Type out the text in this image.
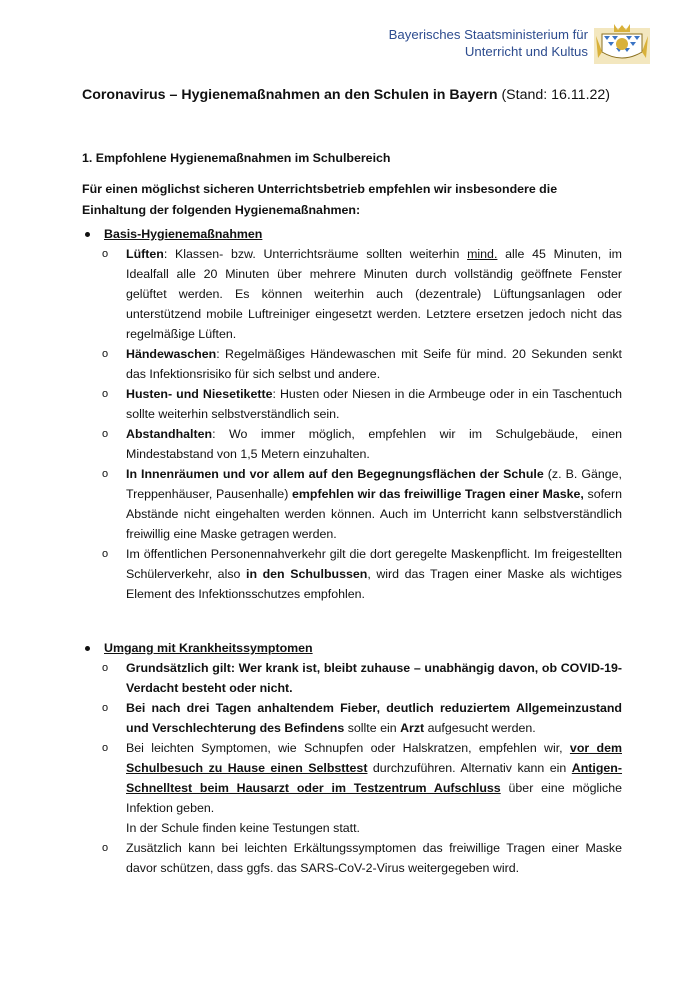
Bayerisches Staatsministerium für
Unterricht und Kultus
Coronavirus – Hygienemaßnahmen an den Schulen in Bayern (Stand: 16.11.22)
1. Empfohlene Hygienemaßnahmen im Schulbereich
Für einen möglichst sicheren Unterrichtsbetrieb empfehlen wir insbesondere die Einhaltung der folgenden Hygienemaßnahmen:
Basis-Hygienemaßnahmen
o Lüften: Klassen- bzw. Unterrichtsräume sollten weiterhin mind. alle 45 Minuten, im Idealfall alle 20 Minuten über mehrere Minuten durch vollständig geöffnete Fenster gelüftet werden. Es können weiterhin auch (dezentrale) Lüftungsanlagen oder unterstützend mobile Luftreiniger eingesetzt werden. Letztere ersetzen jedoch nicht das regelmäßige Lüften.
o Händewaschen: Regelmäßiges Händewaschen mit Seife für mind. 20 Sekunden senkt das Infektionsrisiko für sich selbst und andere.
o Husten- und Niesetikette: Husten oder Niesen in die Armbeuge oder in ein Taschentuch sollte weiterhin selbstverständlich sein.
o Abstandhalten: Wo immer möglich, empfehlen wir im Schulgebäude, einen Mindestabstand von 1,5 Metern einzuhalten.
o In Innenräumen und vor allem auf den Begegnungsflächen der Schule (z. B. Gänge, Treppenhäuser, Pausenhalle) empfehlen wir das freiwillige Tragen einer Maske, sofern Abstände nicht eingehalten werden können. Auch im Unterricht kann selbstverständlich freiwillig eine Maske getragen werden.
o Im öffentlichen Personennahverkehr gilt die dort geregelte Maskenpflicht. Im freigestellten Schülerverkehr, also in den Schulbussen, wird das Tragen einer Maske als wichtiges Element des Infektionsschutzes empfohlen.
Umgang mit Krankheitssymptomen
o Grundsätzlich gilt: Wer krank ist, bleibt zuhause – unabhängig davon, ob COVID-19-Verdacht besteht oder nicht.
o Bei nach drei Tagen anhaltendem Fieber, deutlich reduziertem Allgemeinzustand und Verschlechterung des Befindens sollte ein Arzt aufgesucht werden.
o Bei leichten Symptomen, wie Schnupfen oder Halskratzen, empfehlen wir, vor dem Schulbesuch zu Hause einen Selbsttest durchzuführen. Alternativ kann ein Antigen-Schnelltest beim Hausarzt oder im Testzentrum Aufschluss über eine mögliche Infektion geben.
In der Schule finden keine Testungen statt.
o Zusätzlich kann bei leichten Erkältungssymptomen das freiwillige Tragen einer Maske davor schützen, dass ggfs. das SARS-CoV-2-Virus weitergegeben wird.
